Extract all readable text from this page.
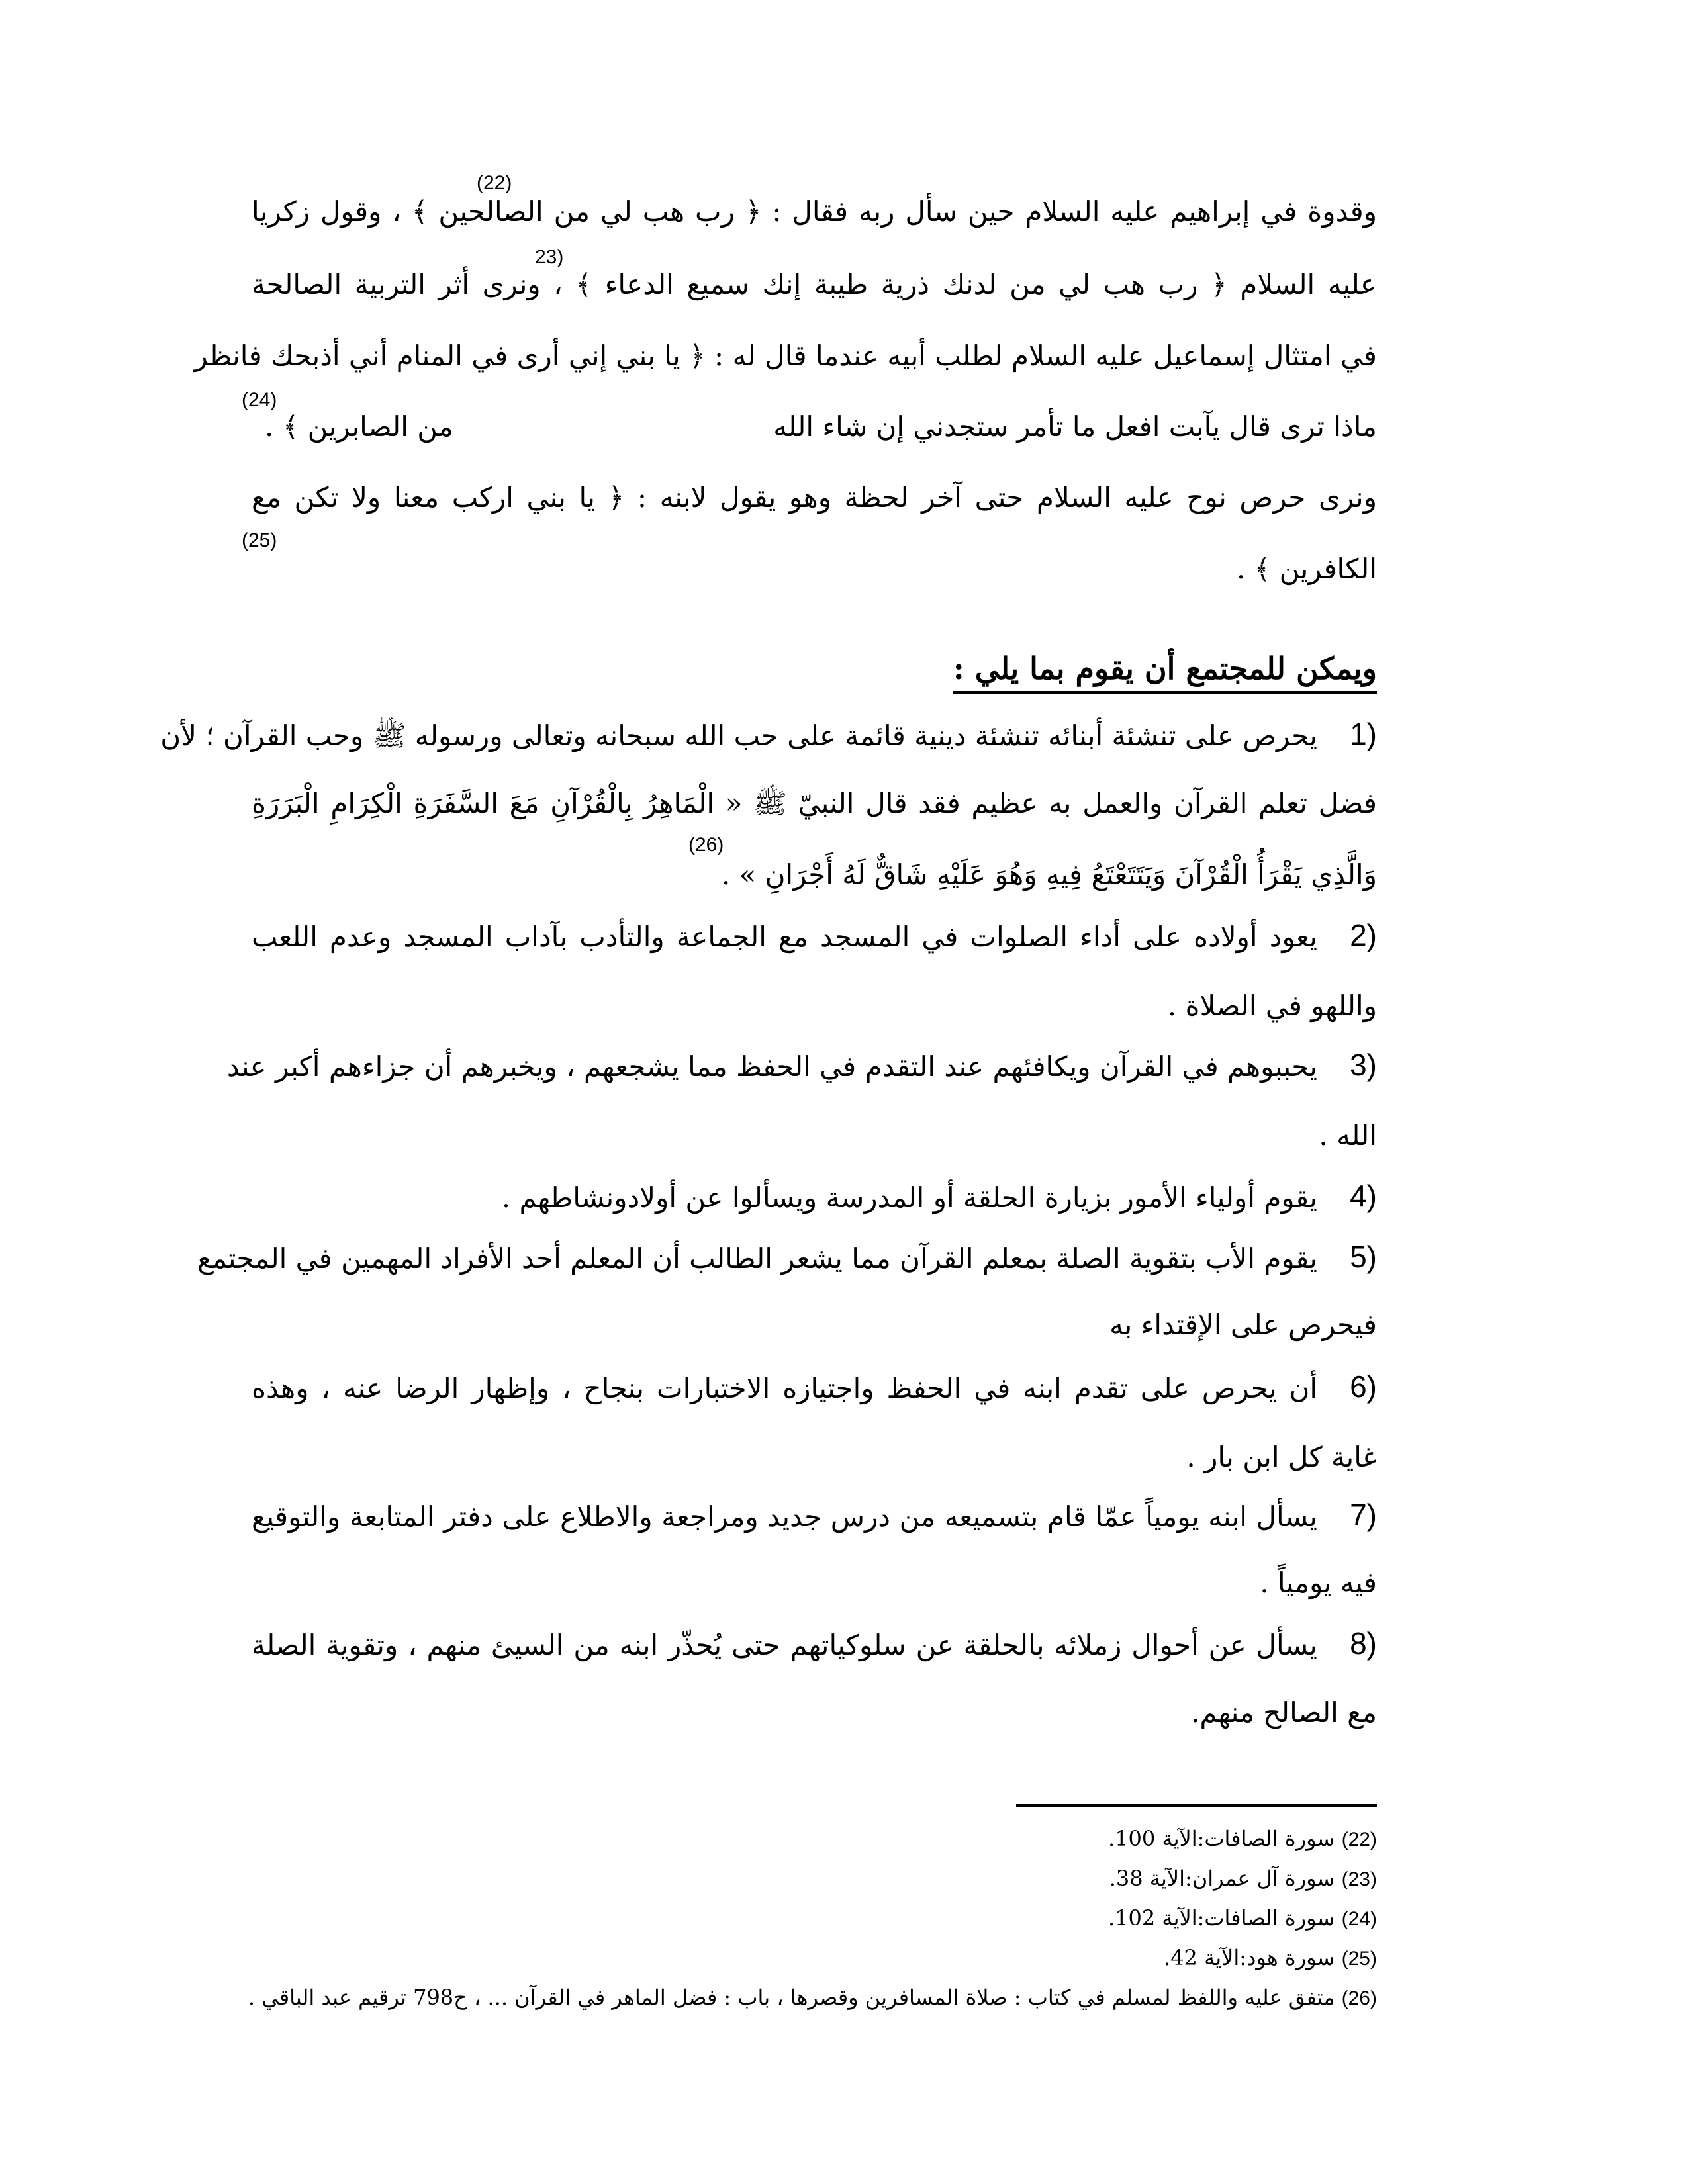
وقدوة في إبراهيم عليه السلام حين سأل ربه فقال : ﴿ رب هب لي من الصالحين ﴾ ، وقول زكريا
(22)
عليه السلام ﴿ رب هب لي من لدنك ذرية طيبة إنك سميع الدعاء ﴾ ، ونرى أثر التربية الصالحة
23)
في امتثال إسماعيل عليه السلام لطلب أبيه عندما قال له : ﴿ يا بني إني أرى في المنام أني أذبحك فانظر
ماذا ترى قال يآبت افعل ما تأمر ستجدني إن شاء الله
من الصابرين ﴾ .
(24)
ونرى حرص نوح عليه السلام حتى آخر لحظة وهو يقول لابنه : ﴿ يا بني اركب معنا ولا تكن مع
الكافرين ﴾ .
(25)
ويمكن للمجتمع أن يقوم بما يلي :
1)
يحرص على تنشئة أبنائه تنشئة دينية قائمة على حب الله سبحانه وتعالى ورسوله ﷺ وحب القرآن ؛ لأن
فضل تعلم القرآن والعمل به عظيم فقد قال النبيّ ﷺ « الْمَاهِرُ بِالْقُرْآنِ مَعَ السَّفَرَةِ الْكِرَامِ الْبَرَرَةِ
وَالَّذِي يَقْرَأُ الْقُرْآنَ وَيَتَتَعْتَعُ فِيهِ وَهُوَ عَلَيْهِ شَاقٌّ لَهُ أَجْرَانِ » .
(26)
2)
يعود أولاده على أداء الصلوات في المسجد مع الجماعة والتأدب بآداب المسجد وعدم اللعب
واللهو في الصلاة .
3)
يحببوهم في القرآن ويكافئهم عند التقدم في الحفظ مما يشجعهم ، ويخبرهم أن جزاءهم أكبر عند
الله .
4)
يقوم أولياء الأمور بزيارة الحلقة أو المدرسة ويسألوا عن أولادونشاطهم .
5)
يقوم الأب بتقوية الصلة بمعلم القرآن مما يشعر الطالب أن المعلم أحد الأفراد المهمين في المجتمع
فيحرص على الإقتداء به
6)
أن يحرص على تقدم ابنه في الحفظ واجتيازه الاختبارات بنجاح ، وإظهار الرضا عنه ، وهذه
غاية كل ابن بار .
7)
يسأل ابنه يومياً عمّا قام بتسميعه من درس جديد ومراجعة والاطلاع على دفتر المتابعة والتوقيع
فيه يومياً .
8)
يسأل عن أحوال زملائه بالحلقة عن سلوكياتهم حتى يُحذّر ابنه من السيئ منهم ، وتقوية الصلة
مع الصالح منهم.
(22) سورة الصافات:الآية 100.
(23) سورة آل عمران:الآية 38.
(24) سورة الصافات:الآية 102.
(25) سورة هود:الآية 42.
(26) متفق عليه واللفظ لمسلم في كتاب : صلاة المسافرين وقصرها ، باب : فضل الماهر في القرآن ... ، ح798 ترقيم عبد الباقي .
